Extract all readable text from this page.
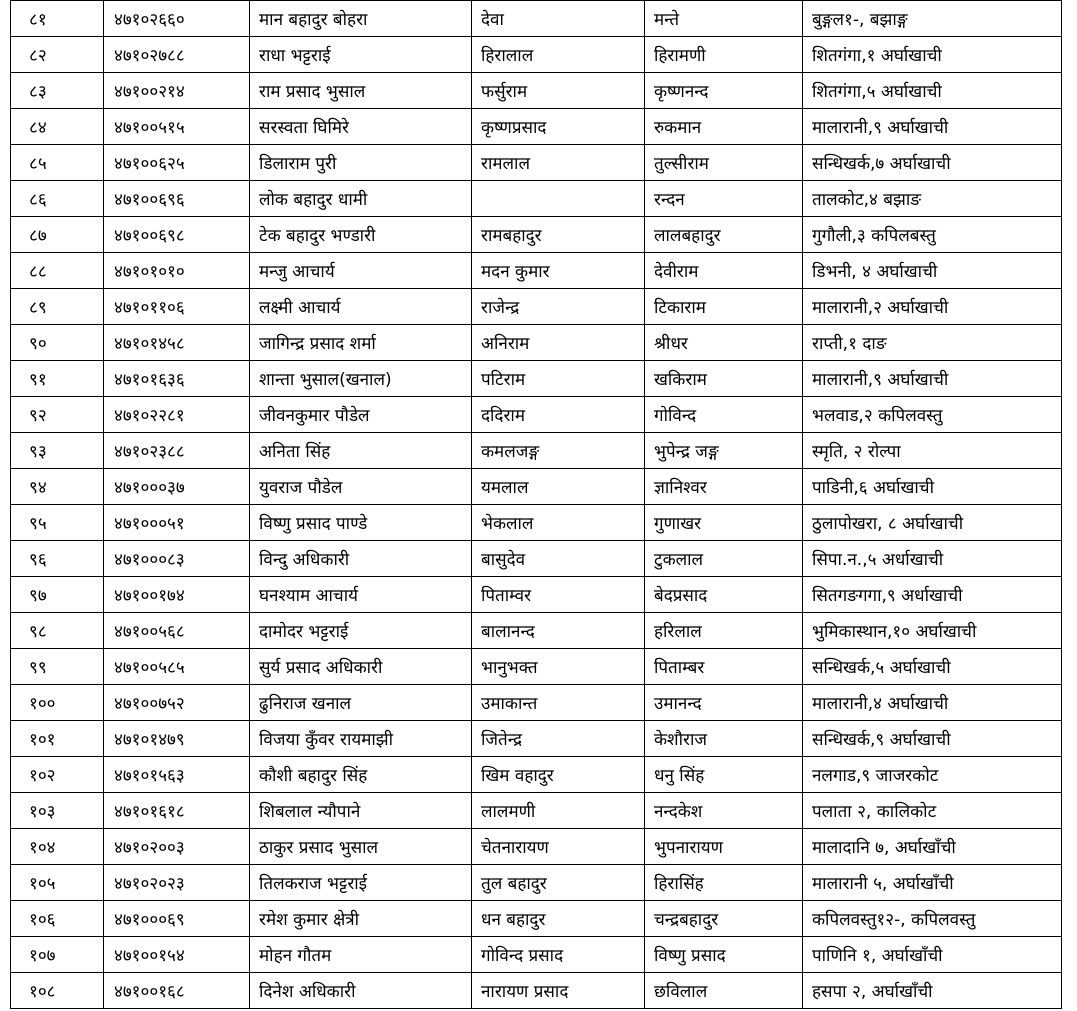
८१	४७१०२६६०	मान बहादुर बोहरा	देवा	मन्ते	बुङ्गल१-, बझाङ्ग
८२	४७१०२७८८	राधा भट्टराई	हिरालाल	हिरामणी	शितगंगा,१ अर्घाखाची
८३	४७१००२१४	राम प्रसाद भुसाल	फर्सुराम	कृष्णनन्द	शितगंगा,५ अर्घाखाची
८४	४७१००५१५	सरस्वता घिमिरे	कृष्णप्रसाद	रुकमान	मालारानी,९ अर्घाखाची
८५	४७१००६२५	डिलाराम पुरी	रामलाल	तुल्सीराम	सन्धिखर्क,७ अर्घाखाची
८६	४७१००६९६	लोक बहादुर धामी		रन्दन	तालकोट,४ बझाङ
८७	४७१००६९८	टेक बहादुर भण्डारी	रामबहादुर	लालबहादुर	गुगौली,३ कपिलबस्तु
८८	४७१०१०१०	मन्जु आचार्य	मदन कुमार	देवीराम	डिभनी, ४ अर्घाखाची
८९	४७१०११०६	लक्ष्मी आचार्य	राजेन्द्र	टिकाराम	मालारानी,२ अर्घाखाची
९०	४७१०१४५८	जागिन्द्र प्रसाद शर्मा	अनिराम	श्रीधर	राप्ती,१ दाङ
९१	४७१०१६३६	शान्ता भुसाल(खनाल)	पटिराम	खकिराम	मालारानी,९ अर्घाखाची
९२	४७१०२२८१	जीवनकुमार पौडेल	ददिराम	गोविन्द	भलवाड,२ कपिलवस्तु
९३	४७१०२३८८	अनिता सिंह	कमलजङ्ग	भुपेन्द्र जङ्ग	स्मृति, २ रोल्पा
९४	४७१०००३७	युवराज पौडेल	यमलाल	ज्ञानिश्वर	पाडिनी,६ अर्घाखाची
९५	४७१०००५१	विष्णु प्रसाद पाण्डे	भेकलाल	गुणाखर	ठुलापोखरा, ८ अर्घाखाची
९६	४७१०००८३	विन्दु अधिकारी	बासुदेव	टुकलाल	सिपा.न.,५ अर्धाखाची
९७	४७१००१७४	घनश्याम आचार्य	पिताम्वर	बेदप्रसाद	सितगङगगा,९ अर्धाखाची
९८	४७१००५६८	दामोदर भट्टराई	बालानन्द	हरिलाल	भुमिकास्थान,१० अर्घाखाची
९९	४७१००५८५	सुर्य प्रसाद अधिकारी	भानुभक्त	पिताम्बर	सन्धिखर्क,५ अर्घाखाची
१००	४७१००७५२	ढुनिराज खनाल	उमाकान्त	उमानन्द	मालारानी,४ अर्घाखाची
१०१	४७१०१४७९	विजया कुँवर रायमाझी	जितेन्द्र	केशौराज	सन्धिखर्क,९ अर्घाखाची
१०२	४७१०१५६३	कौशी बहादुर सिंह	खिम वहादुर	धनु सिंह	नलगाड,९ जाजरकोट
१०३	४७१०१६१८	शिबलाल न्यौपाने	लालमणी	नन्दकेश	पलाता २, कालिकोट
१०४	४७१०२००३	ठाकुर प्रसाद भुसाल	चेतनारायण	भुपनारायण	मालादानि ७, अर्घाखाँची
१०५	४७१०२०२३	तिलकराज भट्टराई	तुल बहादुर	हिरासिंह	मालारानी ५, अर्घाखाँची
१०६	४७१०००६९	रमेश कुमार क्षेत्री	धन बहादुर	चन्द्रबहादुर	कपिलवस्तु१२-, कपिलवस्तु
१०७	४७१००१५४	मोहन गौतम	गोविन्द प्रसाद	विष्णु प्रसाद	पाणिनि १, अर्घाखाँची
१०८	४७१००१६८	दिनेश अधिकारी	नारायण प्रसाद	छविलाल	हसपा २, अर्घाखाँची
